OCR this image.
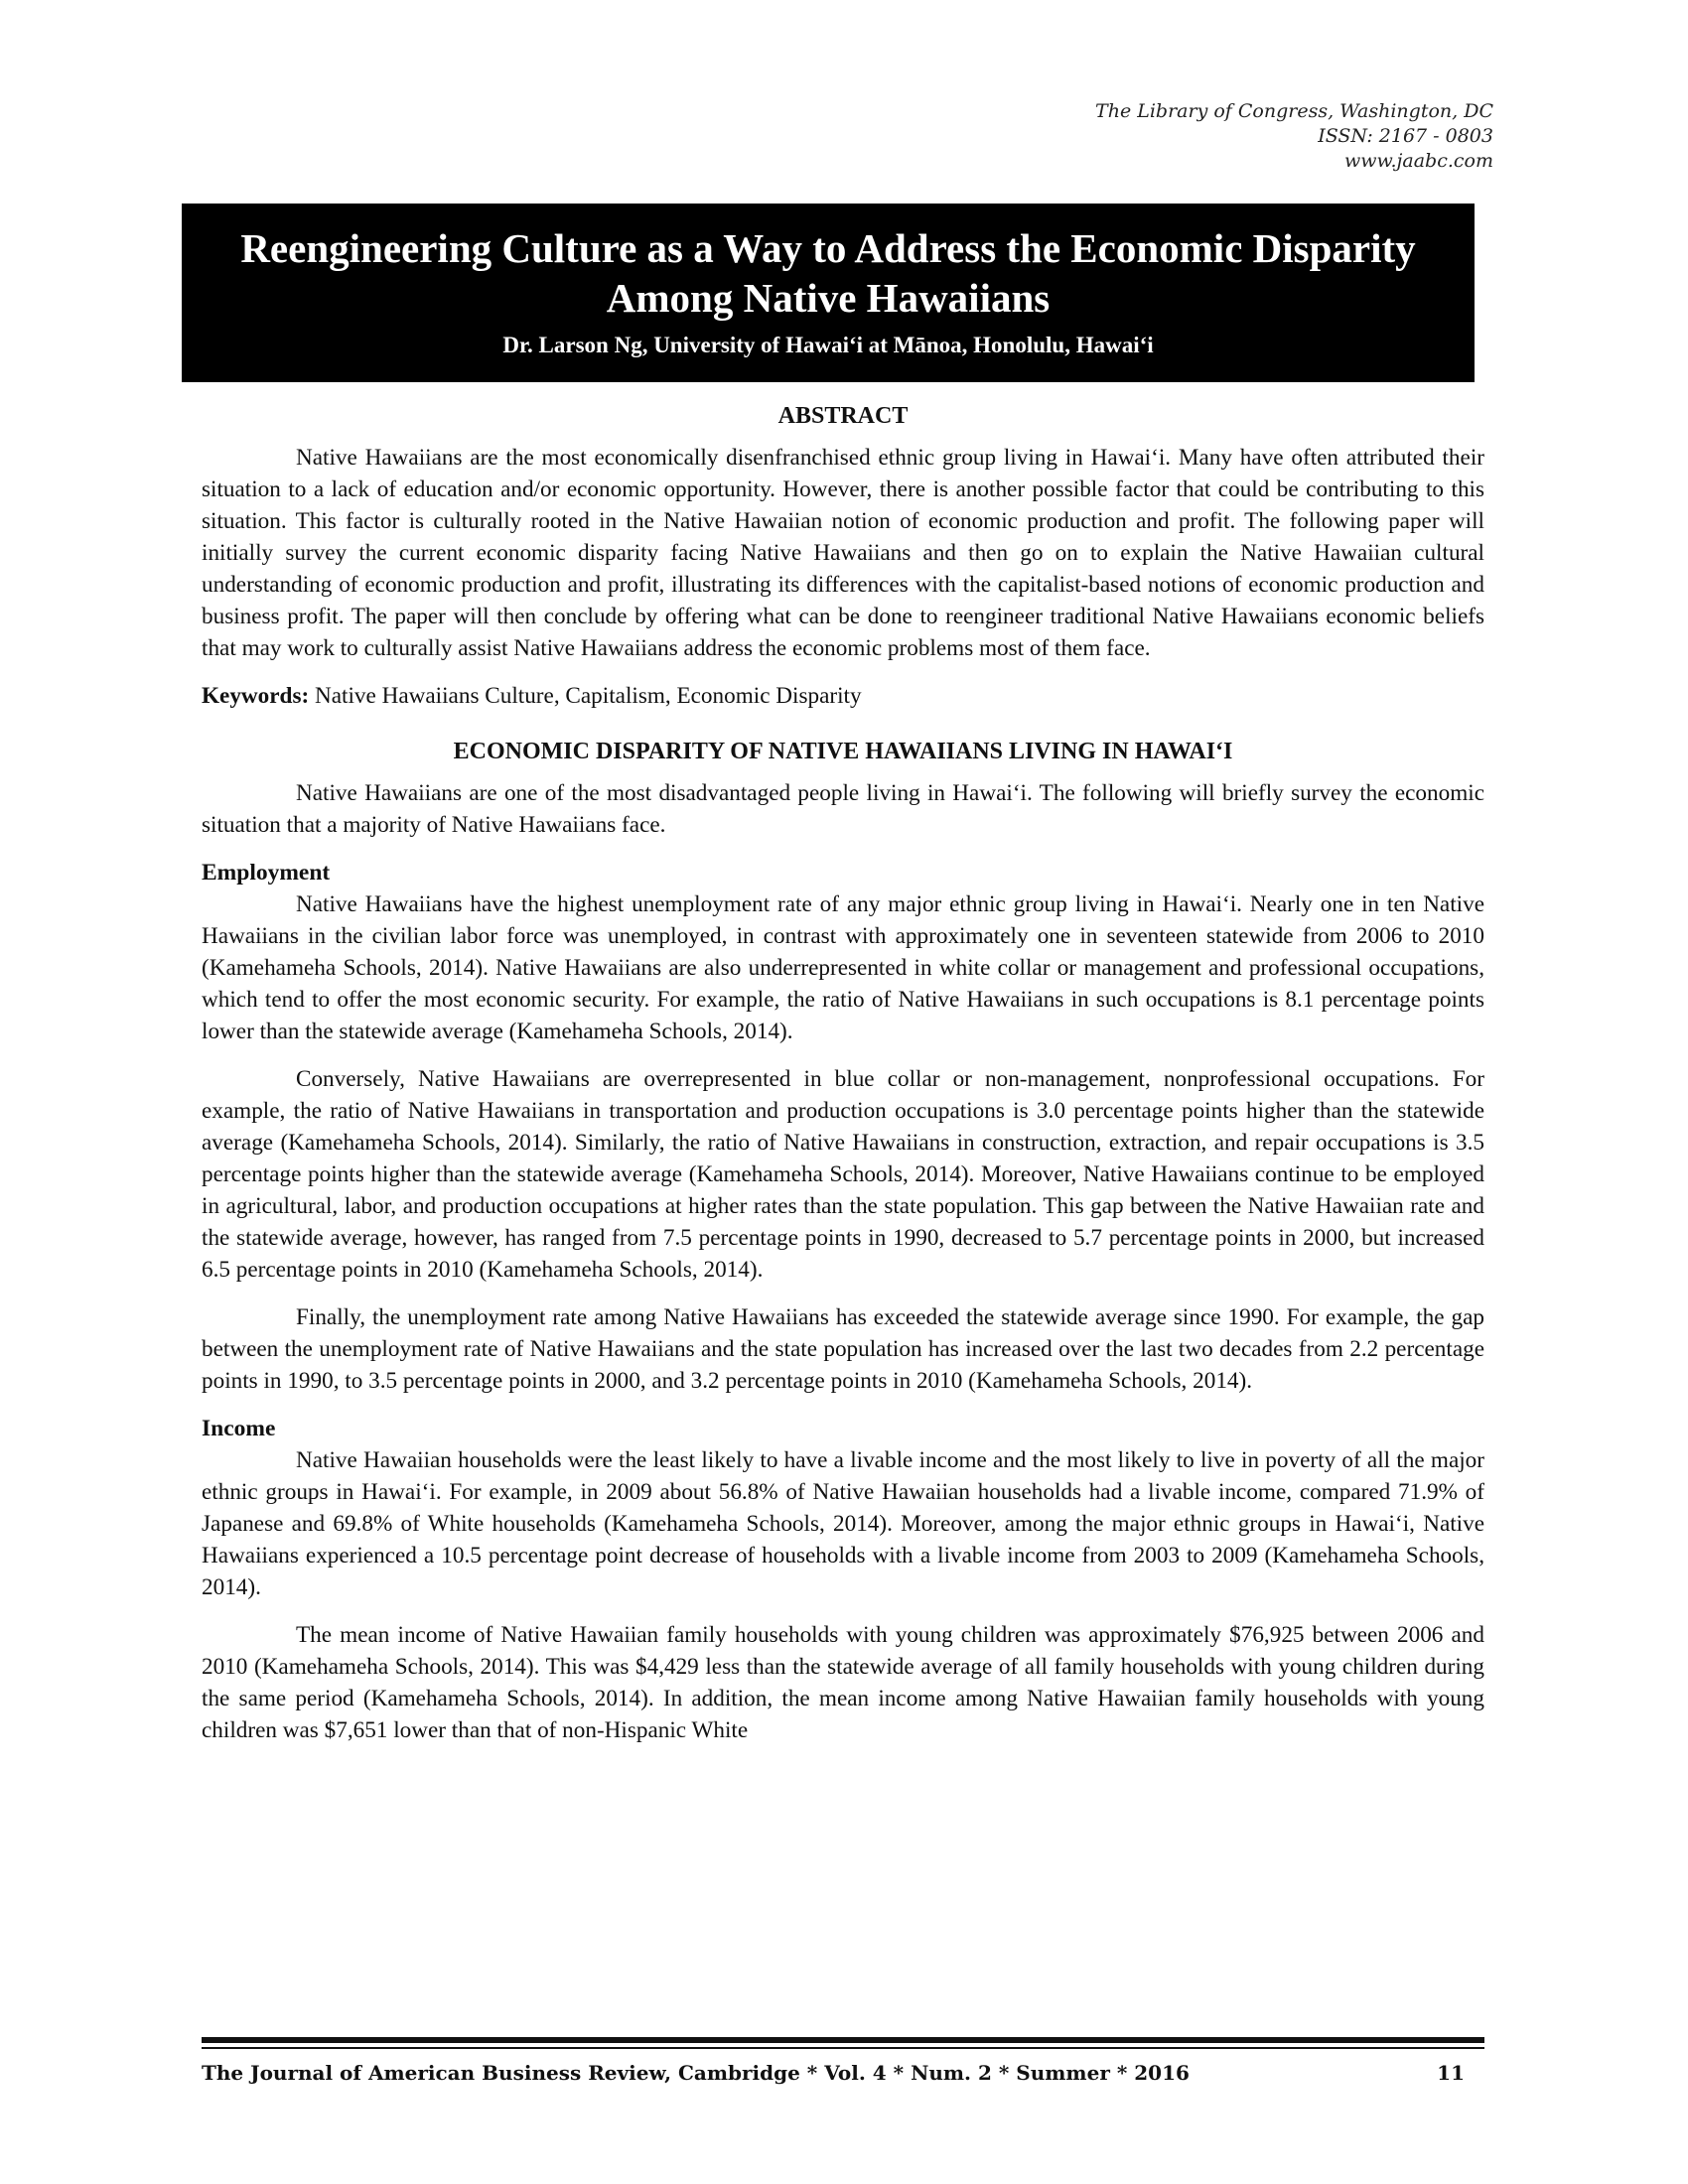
The Library of Congress, Washington, DC
ISSN: 2167 - 0803
www.jaabc.com
Reengineering Culture as a Way to Address the Economic Disparity
Among Native Hawaiians
Dr. Larson Ng, University of Hawai‘i at Mānoa, Honolulu, Hawai‘i
ABSTRACT

Native Hawaiians are the most economically disenfranchised ethnic group living in Hawai‘i. Many have often attributed their situation to a lack of education and/or economic opportunity. However, there is another possible factor that could be contributing to this situation. This factor is culturally rooted in the Native Hawaiian notion of economic production and profit. The following paper will initially survey the current economic disparity facing Native Hawaiians and then go on to explain the Native Hawaiian cultural understanding of economic production and profit, illustrating its differences with the capitalist-based notions of economic production and business profit. The paper will then conclude by offering what can be done to reengineer traditional Native Hawaiians economic beliefs that may work to culturally assist Native Hawaiians address the economic problems most of them face.

Keywords: Native Hawaiians Culture, Capitalism, Economic Disparity

ECONOMIC DISPARITY OF NATIVE HAWAIIANS LIVING IN HAWAI‘I

Native Hawaiians are one of the most disadvantaged people living in Hawai‘i. The following will briefly survey the economic situation that a majority of Native Hawaiians face.

Employment

Native Hawaiians have the highest unemployment rate of any major ethnic group living in Hawai‘i. Nearly one in ten Native Hawaiians in the civilian labor force was unemployed, in contrast with approximately one in seventeen statewide from 2006 to 2010 (Kamehameha Schools, 2014). Native Hawaiians are also underrepresented in white collar or management and professional occupations, which tend to offer the most economic security. For example, the ratio of Native Hawaiians in such occupations is 8.1 percentage points lower than the statewide average (Kamehameha Schools, 2014).

Conversely, Native Hawaiians are overrepresented in blue collar or non-management, nonprofessional occupations. For example, the ratio of Native Hawaiians in transportation and production occupations is 3.0 percentage points higher than the statewide average (Kamehameha Schools, 2014). Similarly, the ratio of Native Hawaiians in construction, extraction, and repair occupations is 3.5 percentage points higher than the statewide average (Kamehameha Schools, 2014). Moreover, Native Hawaiians continue to be employed in agricultural, labor, and production occupations at higher rates than the state population. This gap between the Native Hawaiian rate and the statewide average, however, has ranged from 7.5 percentage points in 1990, decreased to 5.7 percentage points in 2000, but increased 6.5 percentage points in 2010 (Kamehameha Schools, 2014).

Finally, the unemployment rate among Native Hawaiians has exceeded the statewide average since 1990. For example, the gap between the unemployment rate of Native Hawaiians and the state population has increased over the last two decades from 2.2 percentage points in 1990, to 3.5 percentage points in 2000, and 3.2 percentage points in 2010 (Kamehameha Schools, 2014).

Income

Native Hawaiian households were the least likely to have a livable income and the most likely to live in poverty of all the major ethnic groups in Hawai‘i. For example, in 2009 about 56.8% of Native Hawaiian households had a livable income, compared 71.9% of Japanese and 69.8% of White households (Kamehameha Schools, 2014). Moreover, among the major ethnic groups in Hawai‘i, Native Hawaiians experienced a 10.5 percentage point decrease of households with a livable income from 2003 to 2009 (Kamehameha Schools, 2014).

The mean income of Native Hawaiian family households with young children was approximately $76,925 between 2006 and 2010 (Kamehameha Schools, 2014). This was $4,429 less than the statewide average of all family households with young children during the same period (Kamehameha Schools, 2014). In addition, the mean income among Native Hawaiian family households with young children was $7,651 lower than that of non-Hispanic White

The Journal of American Business Review, Cambridge * Vol. 4 * Num. 2 * Summer * 2016	11
